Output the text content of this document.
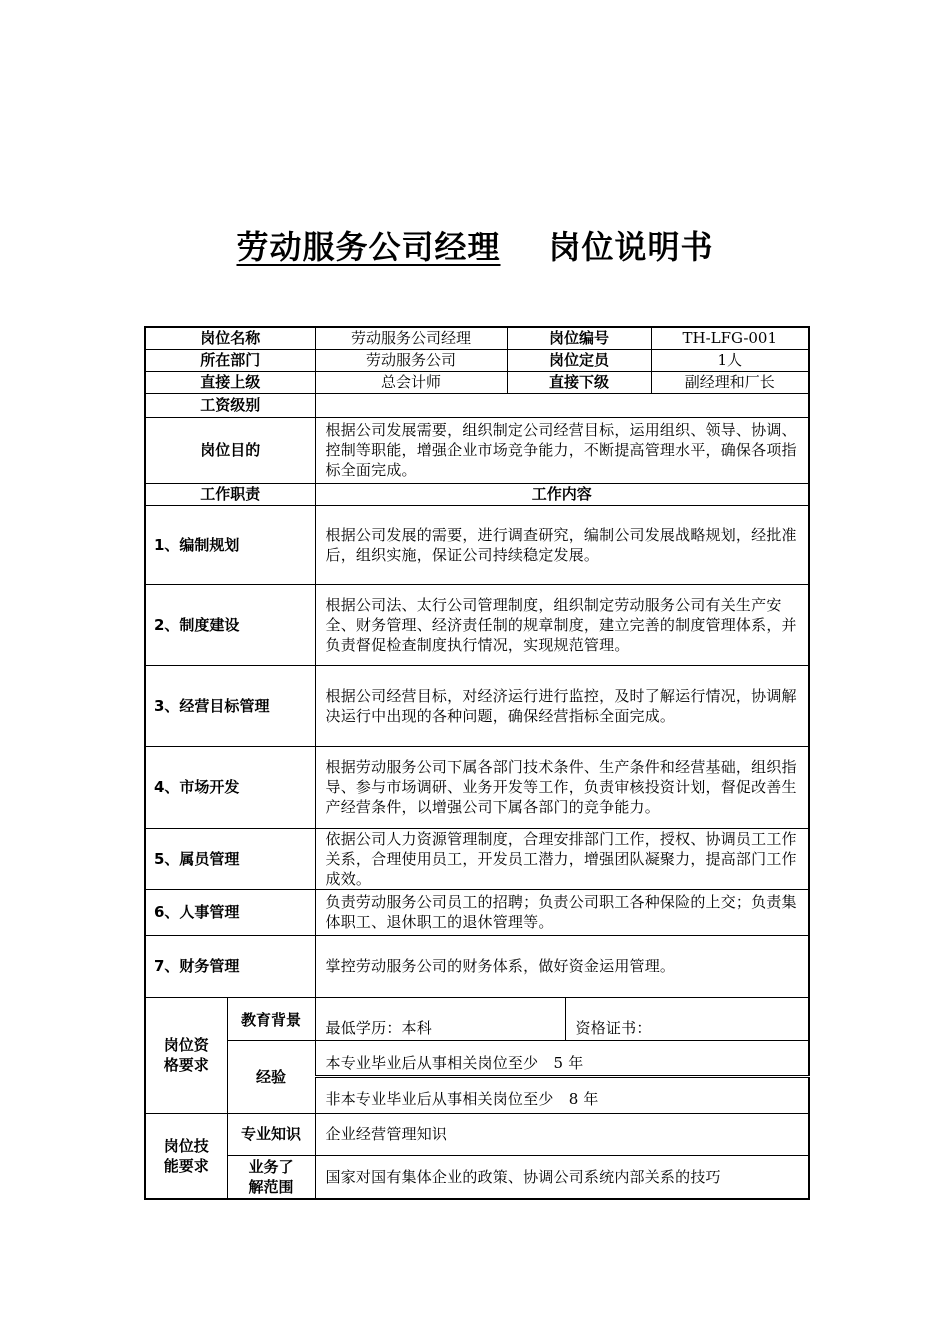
劳动服务公司经理 岗位说明书
岗位名称		劳动服务公司经理	岗位编号		TH-LFG-001
所在部门		劳动服务公司	岗位定员		1人
直接上级		总会计师	直接下级		副经理和厂长
工资级别					
岗位目的		根据公司发展需要，组织制定公司经营目标，运用组织、领导、协调、控制等职能，增强企业市场竞争能力，不断提高管理水平，确保各项指标全面完成。			
工作职责		工作内容			
1、编制规划		根据公司发展的需要，进行调查研究，编制公司发展战略规划，经批准后，组织实施，保证公司持续稳定发展。			
2、制度建设		根据公司法、太行公司管理制度，组织制定劳动服务公司有关生产安全、财务管理、经济责任制的规章制度，建立完善的制度管理体系，并负责督促检查制度执行情况，实现规范管理。			
3、经营目标管理		根据公司经营目标，对经济运行进行监控，及时了解运行情况，协调解决运行中出现的各种问题，确保经营指标全面完成。			
4、市场开发		根据劳动服务公司下属各部门技术条件、生产条件和经营基础，组织指导、参与市场调研、业务开发等工作，负责审核投资计划，督促改善生产经营条件，以增强公司下属各部门的竞争能力。			
5、属员管理		依据公司人力资源管理制度，合理安排部门工作，授权、协调员工工作关系，合理使用员工，开发员工潜力，增强团队凝聚力，提高部门工作成效。			
6、人事管理		负责劳动服务公司员工的招聘；负责公司职工各种保险的上交；负责集体职工、退休职工的退休管理等。			
7、财务管理		掌控劳动服务公司的财务体系，做好资金运用管理。			
岗位资格要求	教育背景	最低学历：本科		资格证书：	
	经验	本专业毕业后从事相关岗位至少　5 年			
		非本专业毕业后从事相关岗位至少　8 年			
岗位技能要求	专业知识	企业经营管理知识			
	业务了解范围	国家对国有集体企业的政策、协调公司系统内部关系的技巧			
